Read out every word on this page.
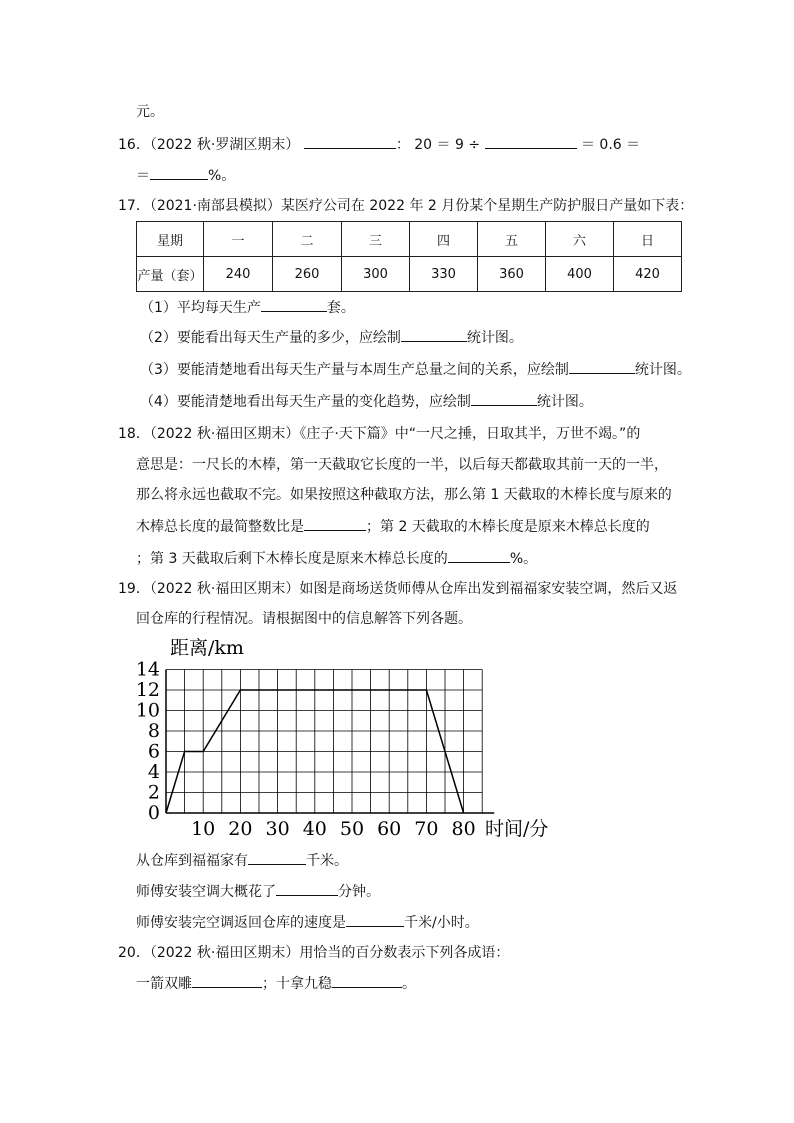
元。
16．（2022 秋·罗湖区期末）	： 20 ＝ 9 ÷	＝ 0.6 ＝
＝	%。
17．（2021·南部县模拟）某医疗公司在 2022 年 2 月份某个星期生产防护服日产量如下表：
星期	一	二	三	四	五	六	日
产量（套）	240	260	300	330	360	400	420
（1）平均每天生产	套。
（2）要能看出每天生产量的多少，应绘制	统计图。
（3）要能清楚地看出每天生产量与本周生产总量之间的关系，应绘制	统计图。
（4）要能清楚地看出每天生产量的变化趋势，应绘制	统计图。
18．（2022 秋·福田区期末）《庄子·天下篇》中“一尺之捶，日取其半，万世不竭。”的
意思是：一尺长的木棒，第一天截取它长度的一半，以后每天都截取其前一天的一半，
那么将永远也截取不完。如果按照这种截取方法，那么第 1 天截取的木棒长度与原来的
木棒总长度的最简整数比是	；第 2 天截取的木棒长度是原来木棒总长度的
；第 3 天截取后剩下木棒长度是原来木棒总长度的	%。
19．（2022 秋·福田区期末）如图是商场送货师傅从仓库出发到福福家安装空调，然后又返
回仓库的行程情况。请根据图中的信息解答下列各题。
0
2
4
6
8
10
12
14
10 20 30 40 50 60 70 80
距离/km
时间/分
从仓库到福福家有	千米。
师傅安装空调大概花了	分钟。
师傅安装完空调返回仓库的速度是	千米/小时。
20．（2022 秋·福田区期末）用恰当的百分数表示下列各成语：
一箭双雕	；十拿九稳	。
